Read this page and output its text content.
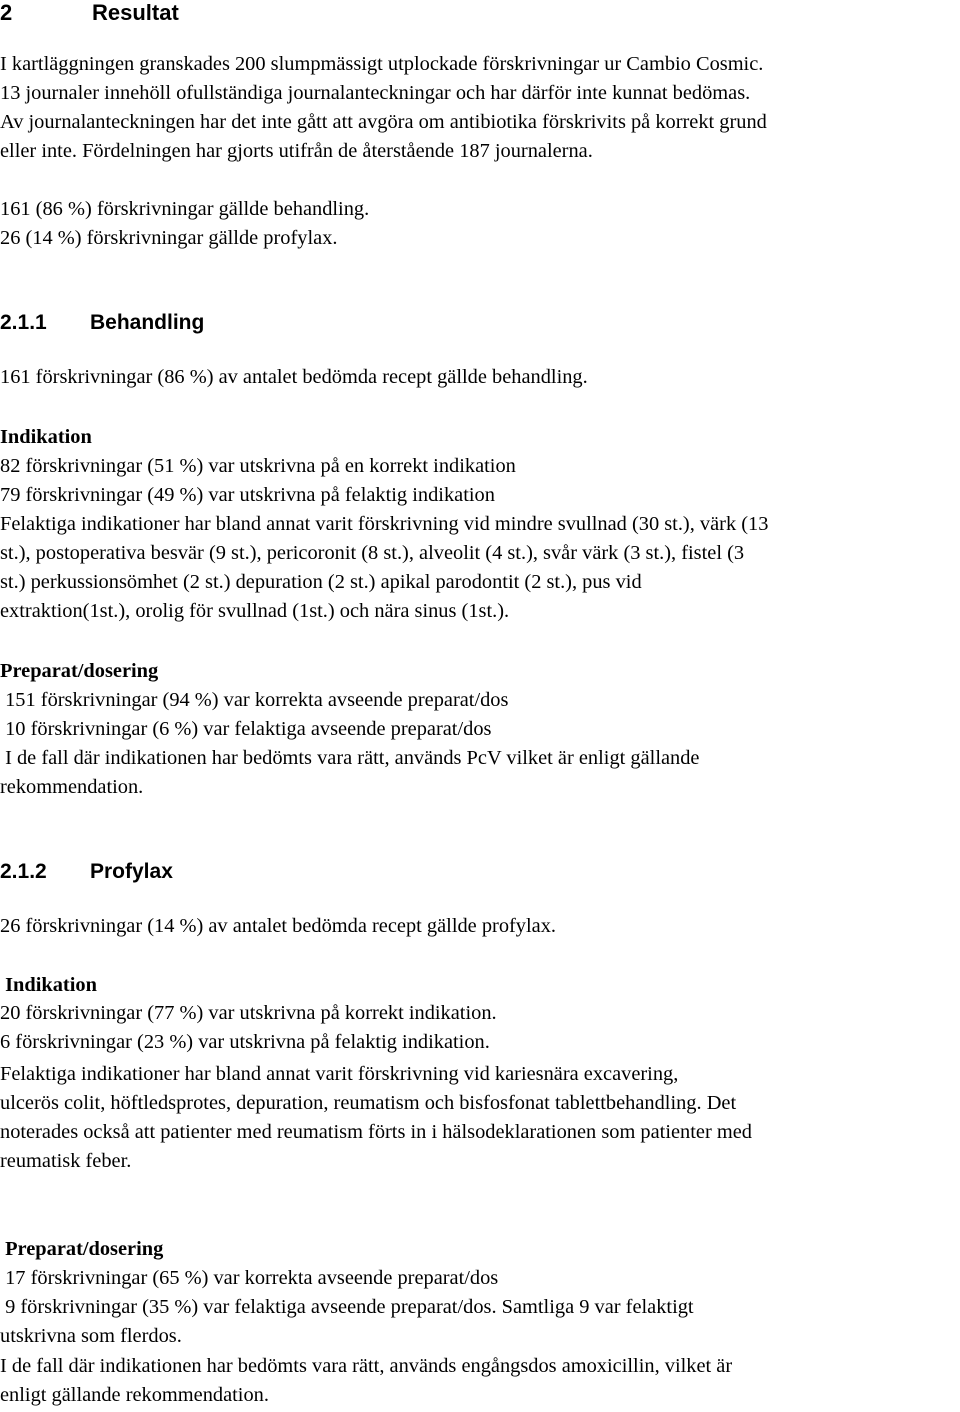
2	Resultat
I kartläggningen granskades 200 slumpmässigt utplockade förskrivningar ur Cambio Cosmic.
13 journaler innehöll ofullständiga journalanteckningar och har därför inte kunnat bedömas.
Av journalanteckningen har det inte gått att avgöra om antibiotika förskrivits på korrekt grund
eller inte. Fördelningen har gjorts utifrån de återstående 187 journalerna.
161 (86 %) förskrivningar gällde behandling.
26 (14 %) förskrivningar gällde profylax.
2.1.1 Behandling
161 förskrivningar (86 %) av antalet bedömda recept gällde behandling.
Indikation
82 förskrivningar (51 %) var utskrivna på en korrekt indikation
79 förskrivningar (49 %) var utskrivna på felaktig indikation
Felaktiga indikationer har bland annat varit förskrivning vid mindre svullnad (30 st.), värk (13
st.), postoperativa besvär (9 st.), pericoronit (8 st.), alveolit (4 st.), svår värk (3 st.), fistel (3
st.) perkussionsömhet (2 st.) depuration (2 st.) apikal parodontit (2 st.), pus vid
extraktion(1st.), orolig för svullnad (1st.) och nära sinus (1st.).
Preparat/dosering
151 förskrivningar (94 %) var korrekta avseende preparat/dos
10 förskrivningar (6 %) var felaktiga avseende preparat/dos
I de fall där indikationen har bedömts vara rätt, används PcV vilket är enligt gällande
rekommendation.
2.1.2 Profylax
26 förskrivningar (14 %) av antalet bedömda recept gällde profylax.
Indikation
20 förskrivningar (77 %) var utskrivna på korrekt indikation.
6 förskrivningar (23 %) var utskrivna på felaktig indikation.
Felaktiga indikationer har bland annat varit förskrivning vid kariesnära excavering,
ulcerös colit, höftledsprotes, depuration, reumatism och bisfosfonat tablettbehandling. Det
noterades också att patienter med reumatism förts in i hälsodeklarationen som patienter med
reumatisk feber.
Preparat/dosering
17 förskrivningar (65 %) var korrekta avseende preparat/dos
9 förskrivningar (35 %) var felaktiga avseende preparat/dos. Samtliga 9 var felaktigt
utskrivna som flerdos.
I de fall där indikationen har bedömts vara rätt, används engångsdos amoxicillin, vilket är
enligt gällande rekommendation.
